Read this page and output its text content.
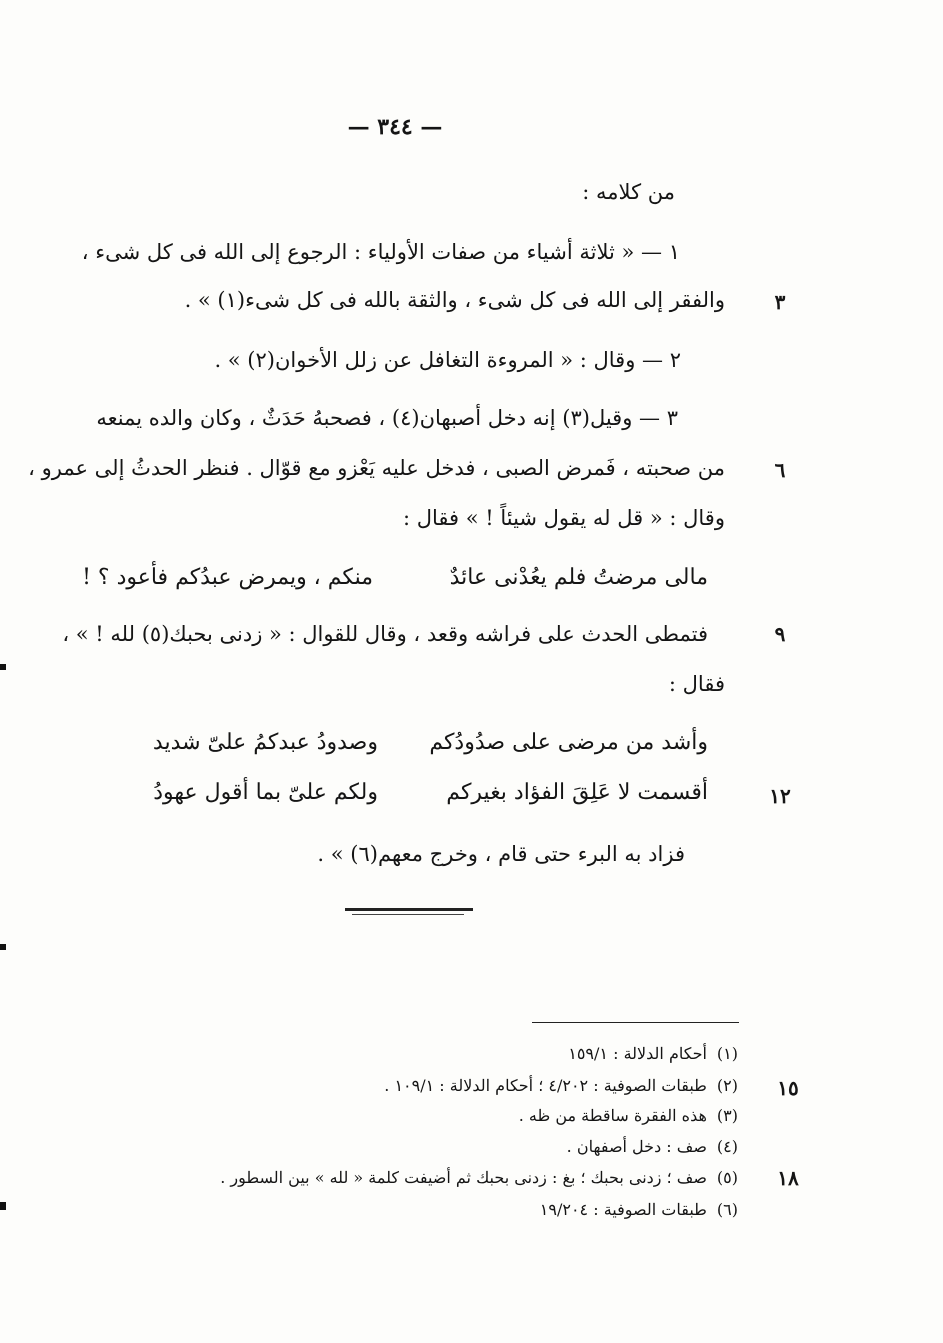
— ٣٤٤ —
من كلامه :
١ — « ثلاثة أشياء من صفات الأولياء : الرجوع إلى الله فى كل شىء ،
والفقر إلى الله فى كل شىء ، والثقة بالله فى كل شىء(١) » .	٣
٢ — وقال : « المروءة التغافل عن زلل الأخوان(٢) » .
٣ — وقيل(٣) إنه دخل أصبهان(٤) ، فصحبهُ حَدَثٌ ، وكان والده يمنعه
من صحبته ، فَمرض الصبى ، فدخل عليه يَعْزو مع قوّال . فنظر الحدثُ إلى عمرو ،	٦
وقال : « قل له يقول شيئاً ! » فقال :
مالى مرضتُ فلم يعُدْنى عائدٌ
منكم ، ويمرض عبدُكم فأعود ؟ !
فتمطى الحدث على فراشه وقعد ، وقال للقوال : « زدنى بحبك(٥) لله ! » ،	٩
فقال :
وأشد من مرضى على صدُودُكم
وصدودُ عبدكمُ علىّ شديد
أقسمت لا عَلِقَ الفؤاد بغيركم
ولكم علىّ بما أقول عهودُ	١٢
فزاد به البرء حتى قام ، وخرج معهم(٦) » .
(١)أحكام الدلالة : ١٥٩/١
(٢)طبقات الصوفية : ٤/٢٠٢ ؛ أحكام الدلالة : ١٠٩/١ .	١٥
(٣)هذه الفقرة ساقطة من ظه .
(٤)صف : دخل أصفهان .
(٥)صف ؛ زدنى بحبك ؛ بغ : زدنى بحبك ثم أضيفت كلمة « لله » بين السطور .	١٨
(٦)طبقات الصوفية : ١٩/٢٠٤
